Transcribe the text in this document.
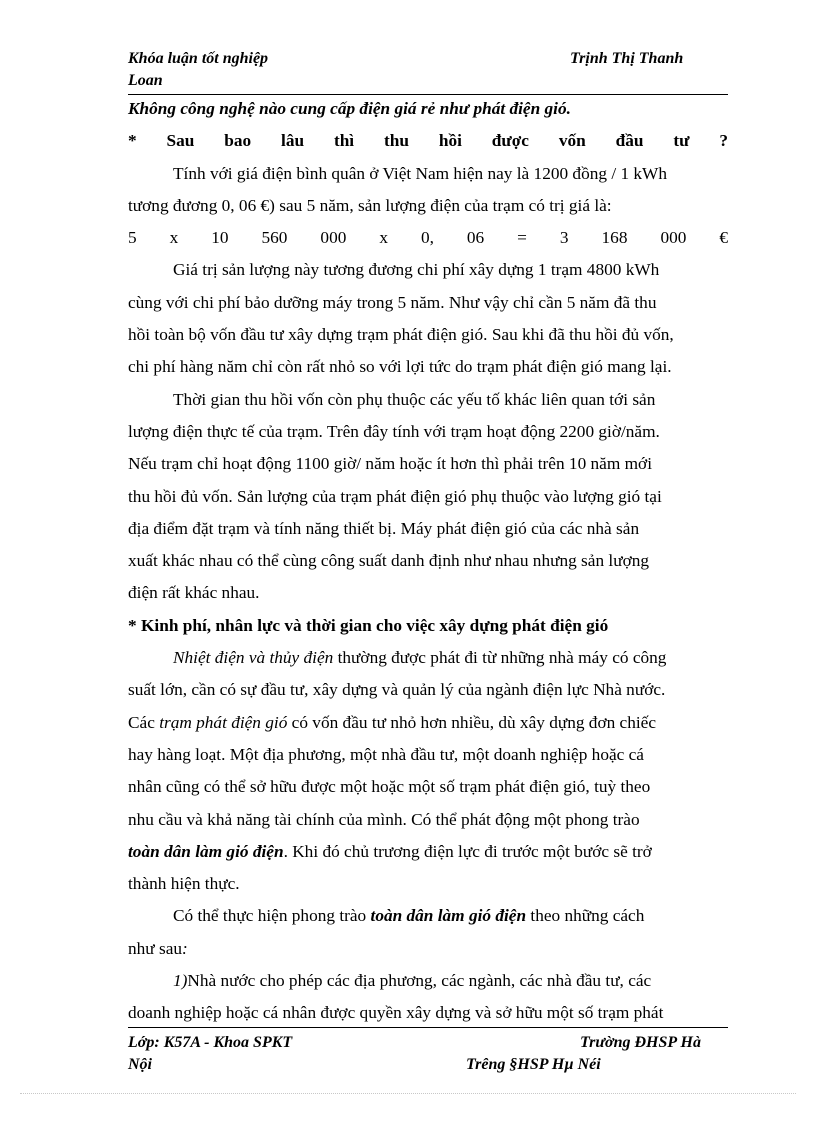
Khóa luận tốt nghiệp	Trịnh Thị Thanh
Loan
Không công nghệ nào cung cấp điện giá rẻ như phát điện gió.
* Sau bao lâu thì thu hồi được vốn đầu tư ?
Tính với giá điện bình quân ở Việt Nam hiện nay là 1200 đồng / 1 kWh
tương đương 0, 06 €) sau 5 năm, sản lượng điện của trạm có trị giá là:
5 x 10 560 000 x 0, 06 = 3 168 000 €
Giá trị sản lượng này tương đương chi phí xây dựng 1 trạm 4800 kWh
cùng với chi phí bảo dưỡng máy trong 5 năm. Như vậy chỉ cần 5 năm đã thu
hồi toàn bộ vốn đầu tư xây dựng trạm phát điện gió. Sau khi đã thu hồi đủ vốn,
chi phí hàng năm chỉ còn rất nhỏ so với lợi tức do trạm phát điện gió mang lại.
Thời gian thu hồi vốn còn phụ thuộc các yếu tố khác liên quan tới sản
lượng điện thực tế của trạm. Trên đây tính với trạm hoạt động 2200 giờ/năm.
Nếu trạm chỉ hoạt động 1100 giờ/ năm hoặc ít hơn thì phải trên 10 năm mới
thu hồi đủ vốn. Sản lượng của trạm phát điện gió phụ thuộc vào lượng gió tại
địa điểm đặt trạm và tính năng thiết bị. Máy phát điện gió của các nhà sản
xuất khác nhau có thể cùng công suất danh định như nhau nhưng sản lượng
điện rất khác nhau.
* Kinh phí, nhân lực và thời gian cho việc xây dựng phát điện gió
Nhiệt điện và thủy điện thường được phát đi từ những nhà máy có công
suất lớn, cần có sự đầu tư, xây dựng và quản lý của ngành điện lực Nhà nước.
Các trạm phát điện gió có vốn đầu tư nhỏ hơn nhiều, dù xây dựng đơn chiếc
hay hàng loạt. Một địa phương, một nhà đầu tư, một doanh nghiệp hoặc cá
nhân cũng có thể sở hữu được một hoặc một số trạm phát điện gió, tuỳ theo
nhu cầu và khả năng tài chính của mình. Có thể phát động một phong trào
toàn dân làm gió điện. Khi đó chủ trương điện lực đi trước một bước sẽ trở
thành hiện thực.
Có thể thực hiện phong trào toàn dân làm gió điện theo những cách
như sau:
1)Nhà nước cho phép các địa phương, các ngành, các nhà đầu tư, các
doanh nghiệp hoặc cá nhân được quyền xây dựng và sở hữu một số trạm phát
Lớp: K57A - Khoa SPKT	Trường ĐHSP Hà
Nội	Trêng §HSP Hµ Néi
